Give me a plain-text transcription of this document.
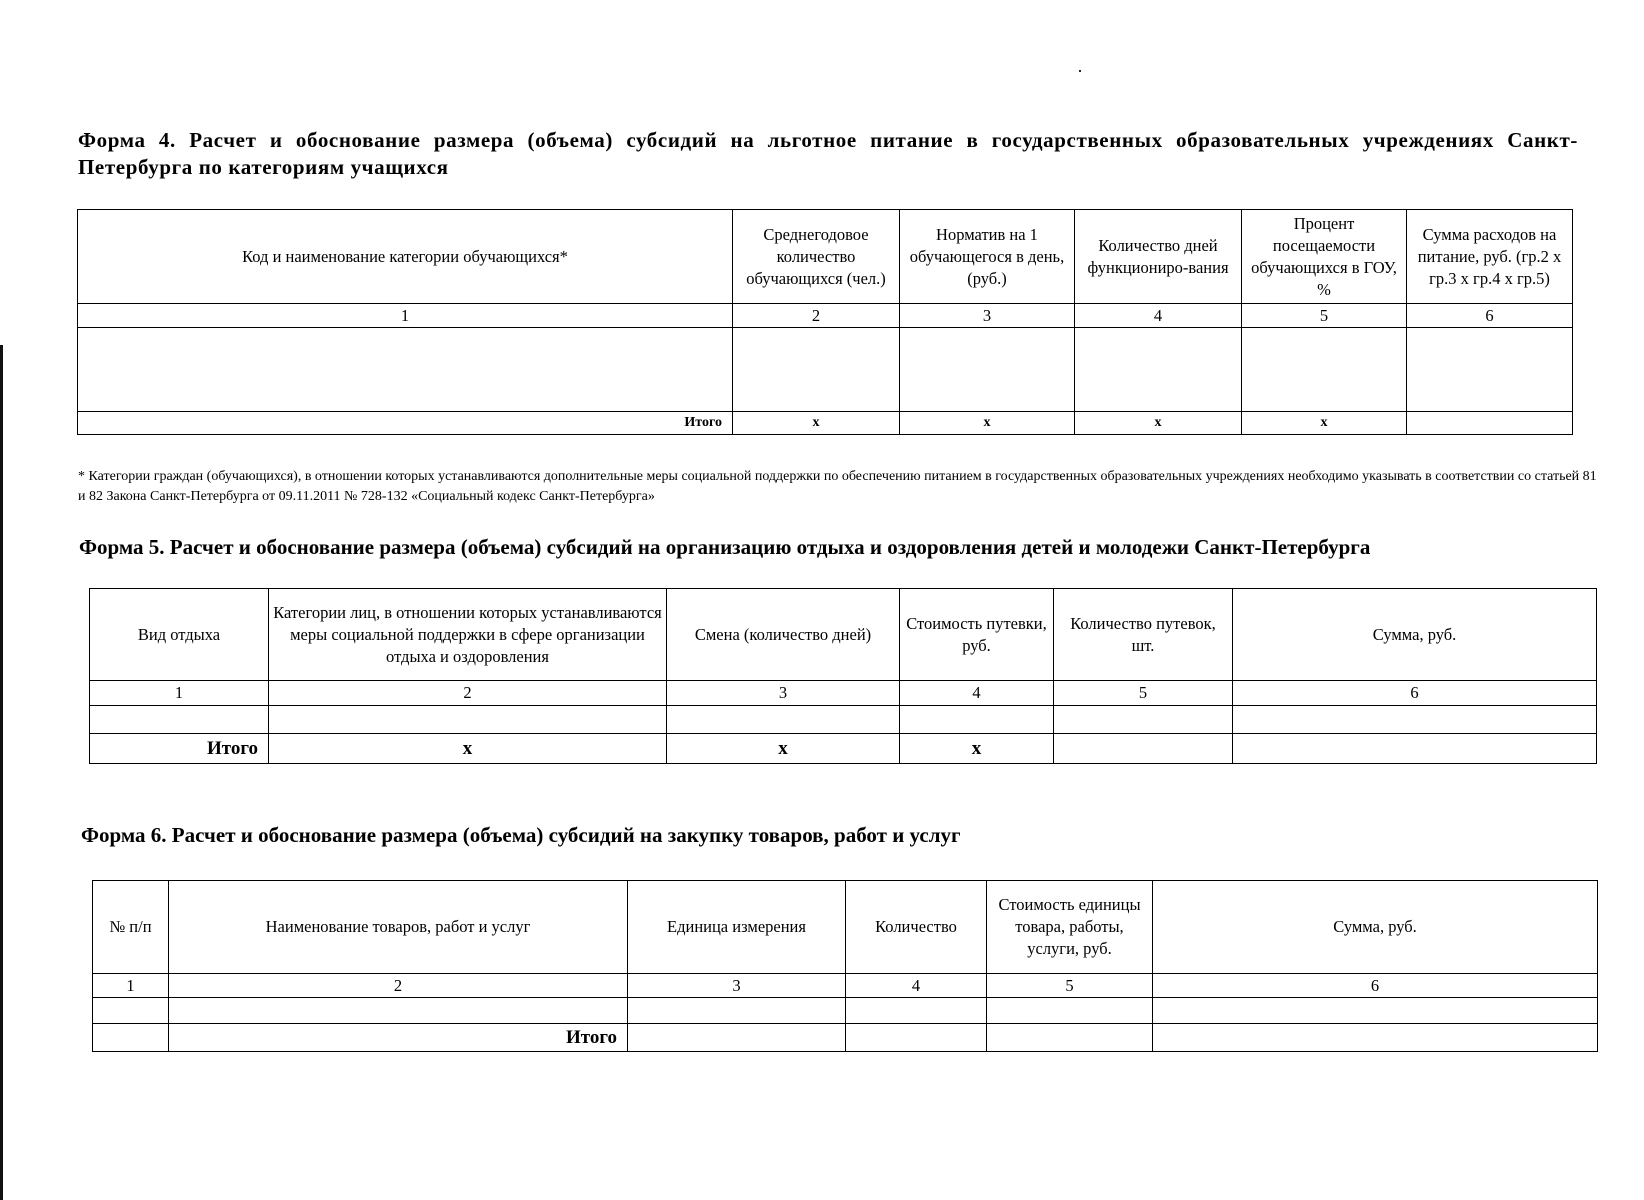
Форма 4. Расчет и обоснование размера (объема) субсидий на льготное питание в государственных образовательных учреждениях Санкт-Петербурга по категориям учащихся

Код и наименование категории обучающихся*	Среднегодовое количество обучающихся (чел.)	Норматив на 1 обучающегося в день, (руб.)	Количество дней функциониро-вания	Процент посещаемости обучающихся в ГОУ, %	Сумма расходов на питание, руб. (гр.2 х гр.3 х гр.4 х гр.5)
1	2	3	4	5	6

Итого	х	х	х	х	

* Категории граждан (обучающихся), в отношении которых устанавливаются дополнительные меры социальной поддержки по обеспечению питанием в государственных образовательных учреждениях необходимо указывать в соответствии со статьей 81 и 82 Закона Санкт-Петербурга от 09.11.2011 № 728-132 «Социальный кодекс Санкт-Петербурга»

Форма 5. Расчет и обоснование размера (объема) субсидий на организацию отдыха и оздоровления детей и молодежи Санкт-Петербурга

Вид отдыха	Категории лиц, в отношении которых устанавливаются меры социальной поддержки в сфере организации отдыха и оздоровления	Смена (количество дней)	Стоимость путевки, руб.	Количество путевок, шт.	Сумма, руб.
1	2	3	4	5	6

Итого	х	х	х		

Форма 6. Расчет и обоснование размера (объема) субсидий на закупку товаров, работ и услуг

№ п/п	Наименование товаров, работ и услуг	Единица измерения	Количество	Стоимость единицы товара, работы, услуги, руб.	Сумма, руб.
1	2	3	4	5	6

	Итого				
